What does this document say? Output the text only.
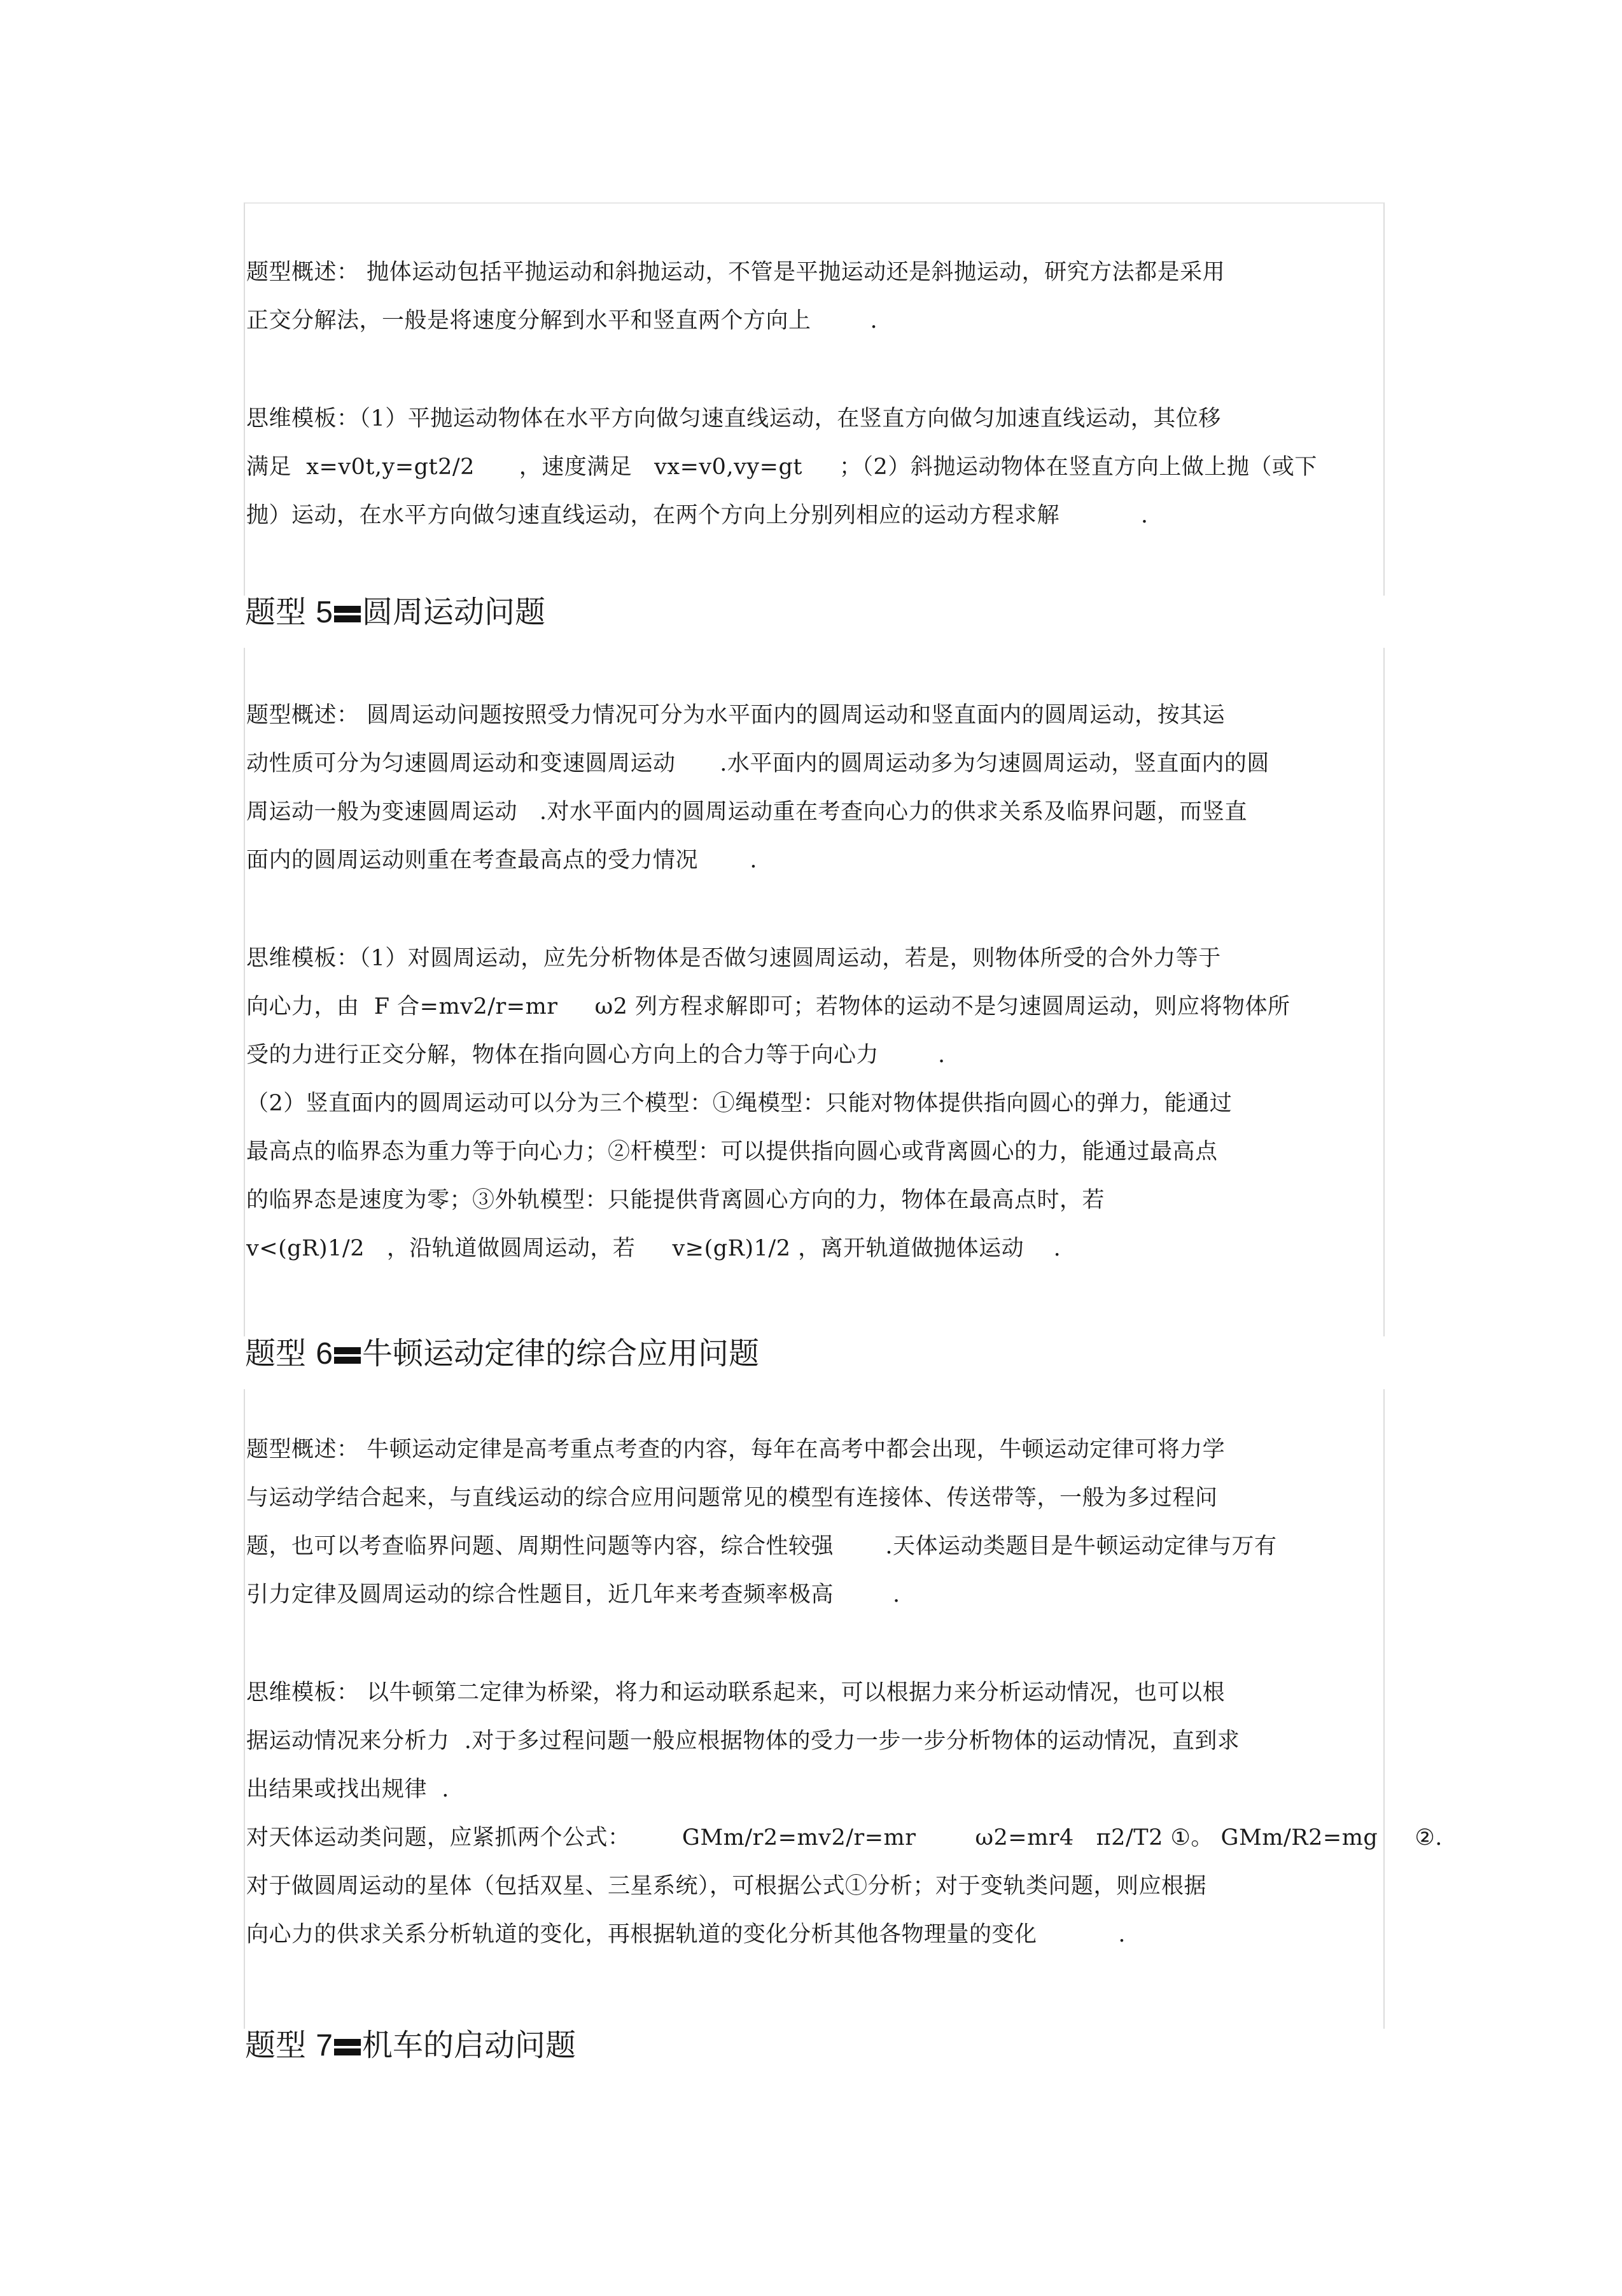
题型概述： 抛体运动包括平抛运动和斜抛运动，不管是平抛运动还是斜抛运动，研究方法都是采用
正交分解法，一般是将速度分解到水平和竖直两个方向上        .
思维模板：（1）平抛运动物体在水平方向做匀速直线运动，在竖直方向做匀加速直线运动，其位移
满足  x=v0t,y=gt2/2      ，速度满足   vx=v0,vy=gt     ；（2）斜抛运动物体在竖直方向上做上抛（或下
抛）运动，在水平方向做匀速直线运动，在两个方向上分别列相应的运动方程求解           .
题型 5 圆周运动问题
题型概述： 圆周运动问题按照受力情况可分为水平面内的圆周运动和竖直面内的圆周运动，按其运
动性质可分为匀速圆周运动和变速圆周运动      .水平面内的圆周运动多为匀速圆周运动，竖直面内的圆
周运动一般为变速圆周运动   .对水平面内的圆周运动重在考查向心力的供求关系及临界问题，而竖直
面内的圆周运动则重在考查最高点的受力情况       .
思维模板：（1）对圆周运动，应先分析物体是否做匀速圆周运动，若是，则物体所受的合外力等于
向心力，由  F 合=mv2/r=mr     ω2 列方程求解即可；若物体的运动不是匀速圆周运动，则应将物体所
受的力进行正交分解，物体在指向圆心方向上的合力等于向心力        .
（2）竖直面内的圆周运动可以分为三个模型：①绳模型：只能对物体提供指向圆心的弹力，能通过
最高点的临界态为重力等于向心力；②杆模型：可以提供指向圆心或背离圆心的力，能通过最高点
的临界态是速度为零；③外轨模型：只能提供背离圆心方向的力，物体在最高点时，若
v<(gR)1/2   ，沿轨道做圆周运动，若     v≥(gR)1/2 ，离开轨道做抛体运动    .
题型 6 牛顿运动定律的综合应用问题
题型概述： 牛顿运动定律是高考重点考查的内容，每年在高考中都会出现，牛顿运动定律可将力学
与运动学结合起来，与直线运动的综合应用问题常见的模型有连接体、传送带等，一般为多过程问
题，也可以考查临界问题、周期性问题等内容，综合性较强       .天体运动类题目是牛顿运动定律与万有
引力定律及圆周运动的综合性题目，近几年来考查频率极高        .
思维模板： 以牛顿第二定律为桥梁，将力和运动联系起来，可以根据力来分析运动情况，也可以根
据运动情况来分析力  .对于多过程问题一般应根据物体的受力一步一步分析物体的运动情况，直到求
出结果或找出规律  .
对天体运动类问题，应紧抓两个公式：       GMm/r2=mv2/r=mr        ω2=mr4   π2/T2 ①。 GMm/R2=mg     ②.
对于做圆周运动的星体（包括双星、三星系统），可根据公式①分析；对于变轨类问题，则应根据
向心力的供求关系分析轨道的变化，再根据轨道的变化分析其他各物理量的变化           .
题型 7 机车的启动问题
